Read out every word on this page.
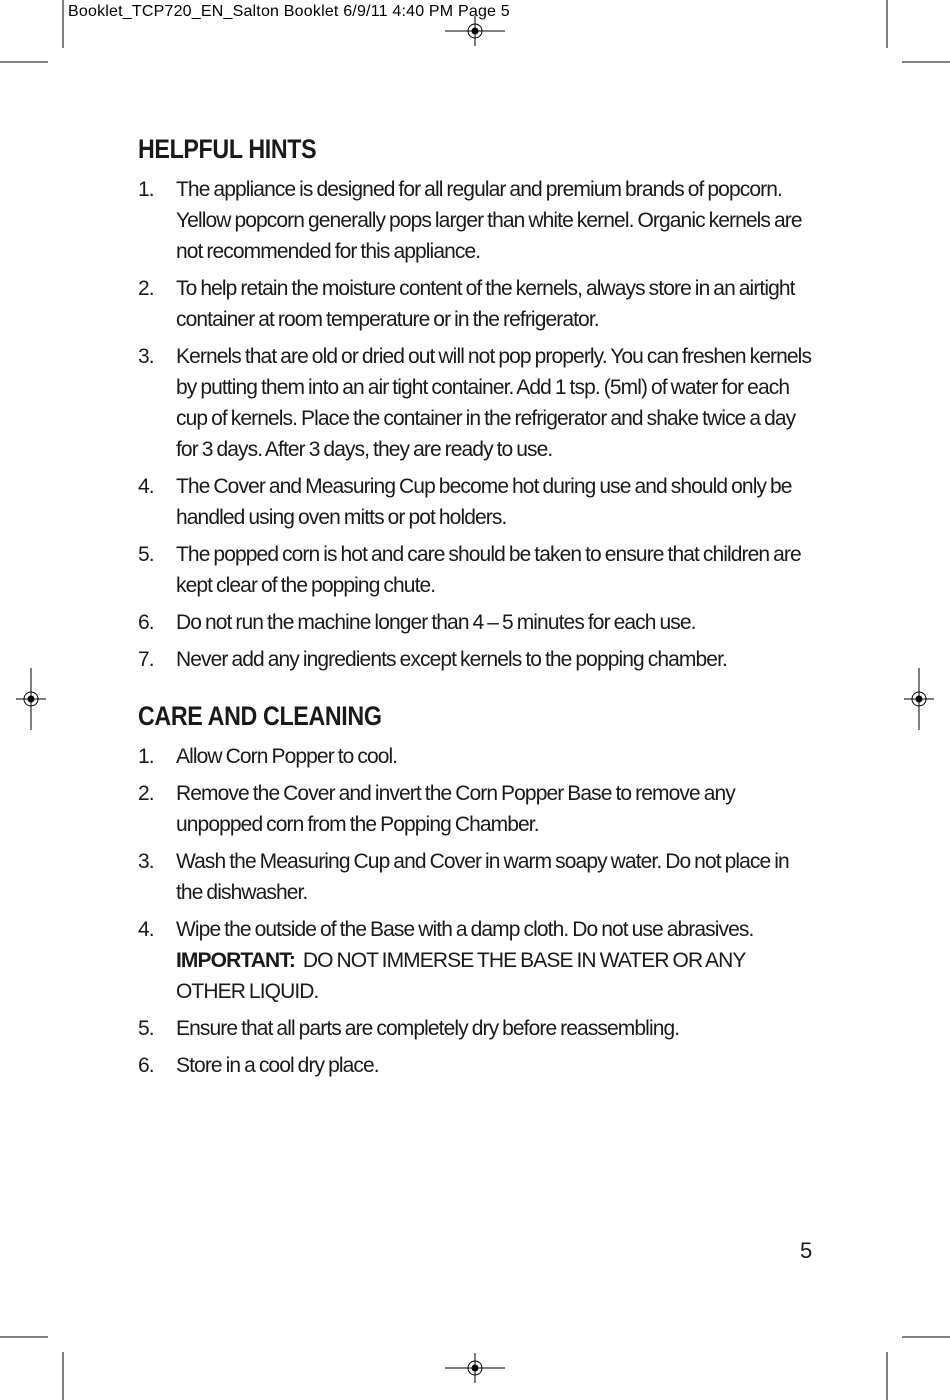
Booklet_TCP720_EN_Salton Booklet 6/9/11 4:40 PM Page 5
HELPFUL HINTS
1. The appliance is designed for all regular and premium brands of popcorn. Yellow popcorn generally pops larger than white kernel. Organic kernels are not recommended for this appliance.
2. To help retain the moisture content of the kernels, always store in an airtight container at room temperature or in the refrigerator.
3. Kernels that are old or dried out will not pop properly. You can freshen kernels by putting them into an air tight container. Add 1 tsp. (5ml) of water for each cup of kernels. Place the container in the refrigerator and shake twice a day for 3 days. After 3 days, they are ready to use.
4. The Cover and Measuring Cup become hot during use and should only be handled using oven mitts or pot holders.
5. The popped corn is hot and care should be taken to ensure that children are kept clear of the popping chute.
6. Do not run the machine longer than 4 – 5 minutes for each use.
7. Never add any ingredients except kernels to the popping chamber.
CARE AND CLEANING
1. Allow Corn Popper to cool.
2. Remove the Cover and invert the Corn Popper Base to remove any unpopped corn from the Popping Chamber.
3. Wash the Measuring Cup and Cover in warm soapy water. Do not place in the dishwasher.
4. Wipe the outside of the Base with a damp cloth. Do not use abrasives.
IMPORTANT: DO NOT IMMERSE THE BASE IN WATER OR ANY OTHER LIQUID.
5. Ensure that all parts are completely dry before reassembling.
6. Store in a cool dry place.
5
